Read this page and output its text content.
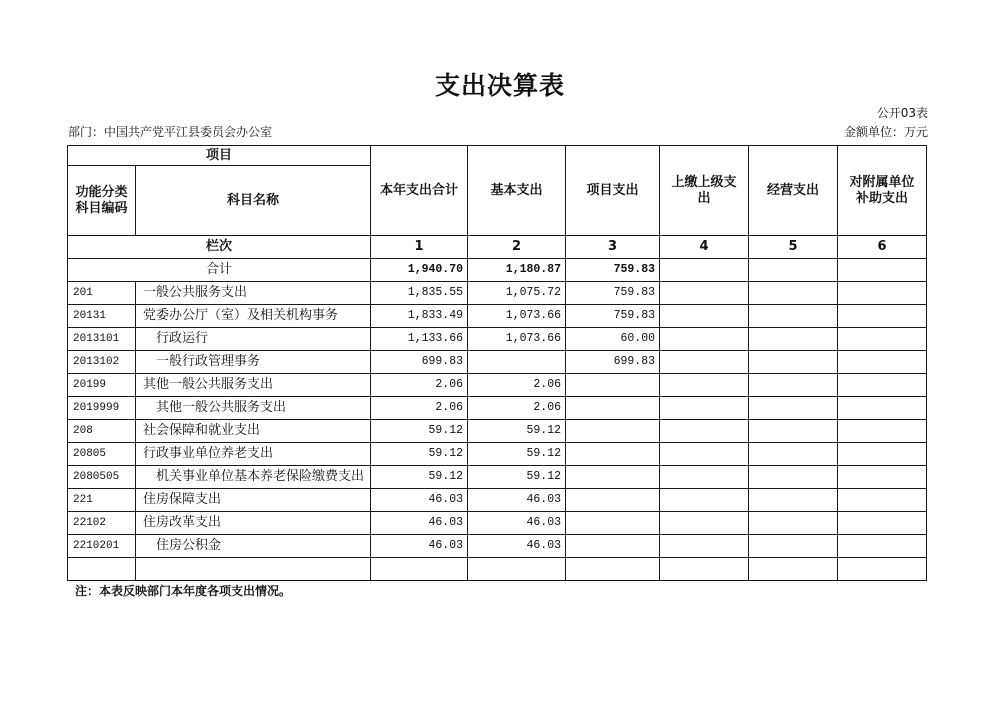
支出决算表
公开03表
部门：中国共产党平江县委员会办公室	金额单位：万元
项目		本年支出合计	基本支出	项目支出	上缴上级支出	经营支出	对附属单位补助支出
功能分类科目编码	科目名称						
栏次		1	2	3	4	5	6
合计		1,940.70	1,180.87	759.83			
201	一般公共服务支出	1,835.55	1,075.72	759.83			
20131	党委办公厅（室）及相关机构事务	1,833.49	1,073.66	759.83			
2013101	行政运行	1,133.66	1,073.66	60.00			
2013102	一般行政管理事务	699.83		699.83			
20199	其他一般公共服务支出	2.06	2.06				
2019999	其他一般公共服务支出	2.06	2.06				
208	社会保障和就业支出	59.12	59.12				
20805	行政事业单位养老支出	59.12	59.12				
2080505	机关事业单位基本养老保险缴费支出	59.12	59.12				
221	住房保障支出	46.03	46.03				
22102	住房改革支出	46.03	46.03				
2210201	住房公积金	46.03	46.03				

注：本表反映部门本年度各项支出情况。
